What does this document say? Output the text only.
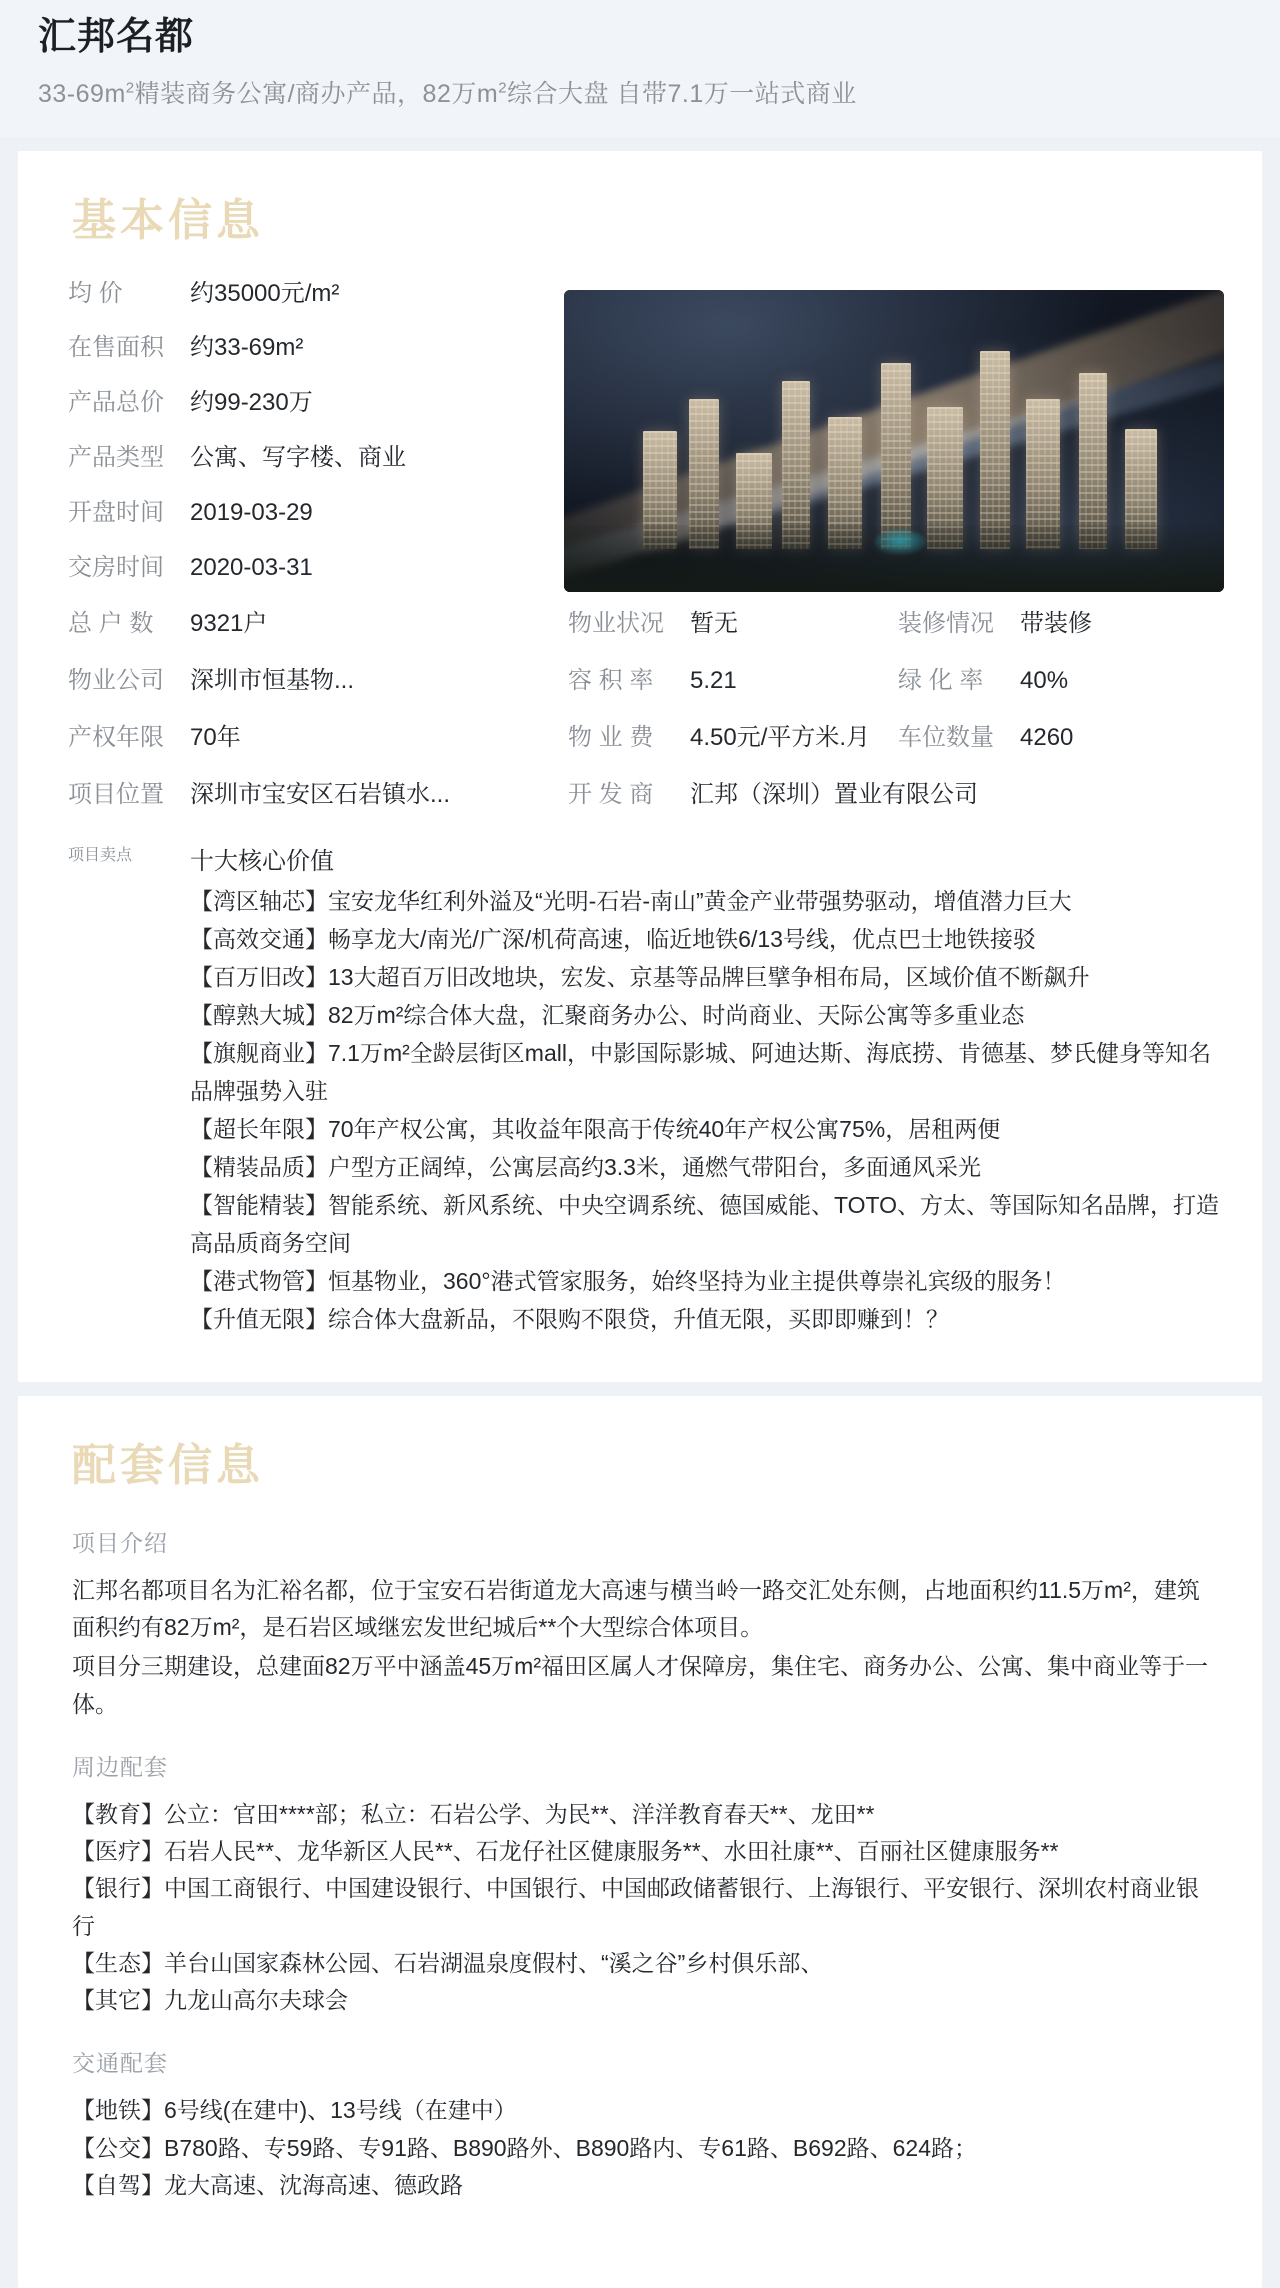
汇邦名都
$33-69m^2$精装商务公寓/商办产品，82万$m^2$综合大盘 自带7.1万一站式商业
基本信息
均 价	约35000元/m²
在售面积	约33-69m²
产品总价	约99-230万
产品类型	公寓、写字楼、商业
开盘时间	2019-03-29
交房时间	2020-03-31
总 户 数	9321户	物业状况	暂无	装修情况	带装修
物业公司	深圳市恒基物...	容 积 率	5.21	绿 化 率	40%
产权年限	70年	物 业 费	4.50元/平方米.月	车位数量	4260
项目位置	深圳市宝安区石岩镇水...	开 发 商	汇邦（深圳）置业有限公司
项目卖点	十大核心价值
【湾区轴芯】宝安龙华红利外溢及“光明-石岩-南山”黄金产业带强势驱动，增值潜力巨大
【高效交通】畅享龙大/南光/广深/机荷高速，临近地铁6/13号线，优点巴士地铁接驳
【百万旧改】13大超百万旧改地块，宏发、京基等品牌巨擘争相布局，区域价值不断飙升
【醇熟大城】82万m²综合体大盘，汇聚商务办公、时尚商业、天际公寓等多重业态
【旗舰商业】7.1万m²全龄层街区mall，中影国际影城、阿迪达斯、海底捞、肯德基、梦氏健身等知名品牌强势入驻
【超长年限】70年产权公寓，其收益年限高于传统40年产权公寓75%，居租两便
【精装品质】户型方正阔绰，公寓层高约3.3米，通燃气带阳台，多面通风采光
【智能精装】智能系统、新风系统、中央空调系统、德国威能、TOTO、方太、等国际知名品牌，打造高品质商务空间
【港式物管】恒基物业，360°港式管家服务，始终坚持为业主提供尊崇礼宾级的服务！
【升值无限】综合体大盘新品，不限购不限贷，升值无限，买即即赚到！？
配套信息
项目介绍
汇邦名都项目名为汇裕名都，位于宝安石岩街道龙大高速与横当岭一路交汇处东侧，占地面积约11.5万m²，建筑面积约有82万m²，是石岩区域继宏发世纪城后**个大型综合体项目。
项目分三期建设，总建面82万平中涵盖45万m²福田区属人才保障房，集住宅、商务办公、公寓、集中商业等于一体。
周边配套
【教育】公立：官田****部；私立：石岩公学、为民**、洋洋教育春天**、龙田**
【医疗】石岩人民**、龙华新区人民**、石龙仔社区健康服务**、水田社康**、百丽社区健康服务**
【银行】中国工商银行、中国建设银行、中国银行、中国邮政储蓄银行、上海银行、平安银行、深圳农村商业银行
【生态】羊台山国家森林公园、石岩湖温泉度假村、“溪之谷”乡村俱乐部、
【其它】九龙山高尔夫球会
交通配套
【地铁】6号线(在建中)、13号线（在建中）
【公交】B780路、专59路、专91路、B890路外、B890路内、专61路、B692路、624路；
【自驾】龙大高速、沈海高速、德政路
